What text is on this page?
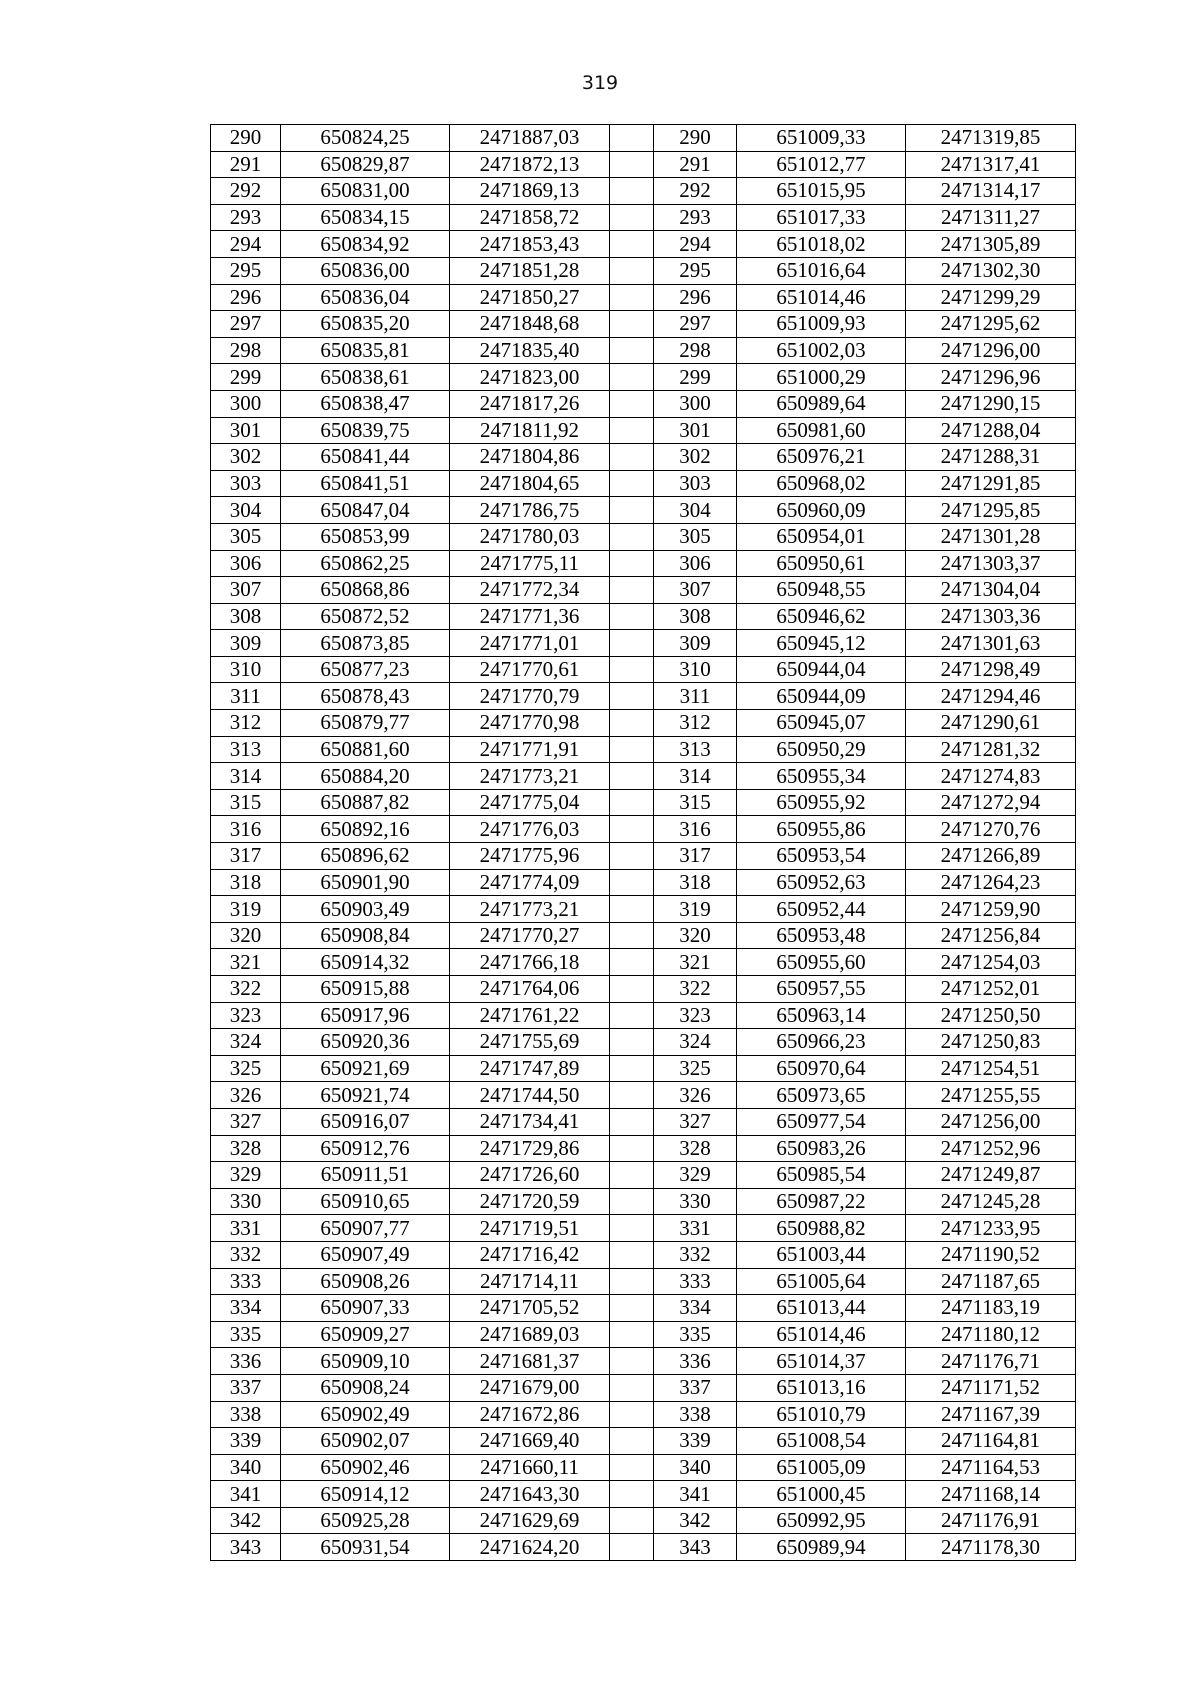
319
290	650824,25	2471887,03		290	651009,33	2471319,85
291	650829,87	2471872,13		291	651012,77	2471317,41
292	650831,00	2471869,13		292	651015,95	2471314,17
293	650834,15	2471858,72		293	651017,33	2471311,27
294	650834,92	2471853,43		294	651018,02	2471305,89
295	650836,00	2471851,28		295	651016,64	2471302,30
296	650836,04	2471850,27		296	651014,46	2471299,29
297	650835,20	2471848,68		297	651009,93	2471295,62
298	650835,81	2471835,40		298	651002,03	2471296,00
299	650838,61	2471823,00		299	651000,29	2471296,96
300	650838,47	2471817,26		300	650989,64	2471290,15
301	650839,75	2471811,92		301	650981,60	2471288,04
302	650841,44	2471804,86		302	650976,21	2471288,31
303	650841,51	2471804,65		303	650968,02	2471291,85
304	650847,04	2471786,75		304	650960,09	2471295,85
305	650853,99	2471780,03		305	650954,01	2471301,28
306	650862,25	2471775,11		306	650950,61	2471303,37
307	650868,86	2471772,34		307	650948,55	2471304,04
308	650872,52	2471771,36		308	650946,62	2471303,36
309	650873,85	2471771,01		309	650945,12	2471301,63
310	650877,23	2471770,61		310	650944,04	2471298,49
311	650878,43	2471770,79		311	650944,09	2471294,46
312	650879,77	2471770,98		312	650945,07	2471290,61
313	650881,60	2471771,91		313	650950,29	2471281,32
314	650884,20	2471773,21		314	650955,34	2471274,83
315	650887,82	2471775,04		315	650955,92	2471272,94
316	650892,16	2471776,03		316	650955,86	2471270,76
317	650896,62	2471775,96		317	650953,54	2471266,89
318	650901,90	2471774,09		318	650952,63	2471264,23
319	650903,49	2471773,21		319	650952,44	2471259,90
320	650908,84	2471770,27		320	650953,48	2471256,84
321	650914,32	2471766,18		321	650955,60	2471254,03
322	650915,88	2471764,06		322	650957,55	2471252,01
323	650917,96	2471761,22		323	650963,14	2471250,50
324	650920,36	2471755,69		324	650966,23	2471250,83
325	650921,69	2471747,89		325	650970,64	2471254,51
326	650921,74	2471744,50		326	650973,65	2471255,55
327	650916,07	2471734,41		327	650977,54	2471256,00
328	650912,76	2471729,86		328	650983,26	2471252,96
329	650911,51	2471726,60		329	650985,54	2471249,87
330	650910,65	2471720,59		330	650987,22	2471245,28
331	650907,77	2471719,51		331	650988,82	2471233,95
332	650907,49	2471716,42		332	651003,44	2471190,52
333	650908,26	2471714,11		333	651005,64	2471187,65
334	650907,33	2471705,52		334	651013,44	2471183,19
335	650909,27	2471689,03		335	651014,46	2471180,12
336	650909,10	2471681,37		336	651014,37	2471176,71
337	650908,24	2471679,00		337	651013,16	2471171,52
338	650902,49	2471672,86		338	651010,79	2471167,39
339	650902,07	2471669,40		339	651008,54	2471164,81
340	650902,46	2471660,11		340	651005,09	2471164,53
341	650914,12	2471643,30		341	651000,45	2471168,14
342	650925,28	2471629,69		342	650992,95	2471176,91
343	650931,54	2471624,20		343	650989,94	2471178,30
